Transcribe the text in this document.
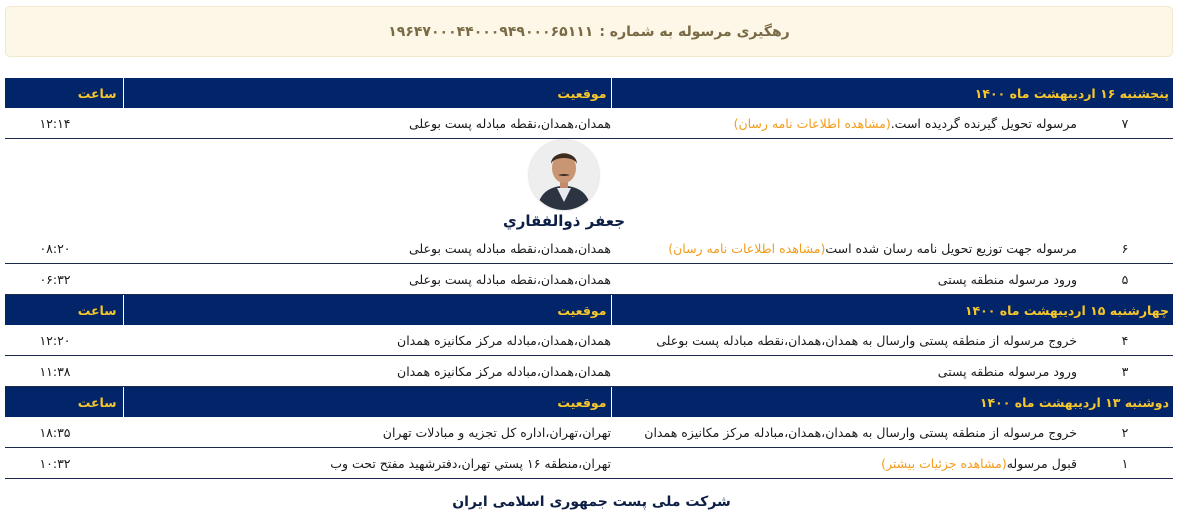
رهگیری مرسوله به شماره :
۱۹۶۴۷۰۰۰۴۴۰۰۰۹۴۹۰۰۰۶۵۱۱۱
پنجشنبه ۱۶ اردیبهشت ماه ۱۴۰۰		موقعیت	ساعت
۷	مرسوله تحویل گیرنده گردیده است.(مشاهده اطلاعات نامه رسان)	همدان،همدان،نقطه مبادله پست بوعلی	۱۲:۱۴

جعفر ذوالفقاري			

۶	مرسوله جهت توزیع تحویل نامه رسان شده است(مشاهده اطلاعات نامه رسان)	همدان،همدان،نقطه مبادله پست بوعلی	۰۸:۲۰
۵	ورود مرسوله منطقه پستی	همدان،همدان،نقطه مبادله پست بوعلی	۰۶:۳۲
چهارشنبه ۱۵ اردیبهشت ماه ۱۴۰۰		موقعیت	ساعت
۴	خروج مرسوله از منطقه پستی وارسال به همدان،همدان،نقطه مبادله پست بوعلی	همدان،همدان،مبادله مرکز مکانیزه همدان	۱۲:۲۰
۳	ورود مرسوله منطقه پستی	همدان،همدان،مبادله مرکز مکانیزه همدان	۱۱:۳۸
دوشنبه ۱۳ اردیبهشت ماه ۱۴۰۰		موقعیت	ساعت
۲	خروج مرسوله از منطقه پستی وارسال به همدان،همدان،مبادله مرکز مکانیزه همدان	تهران،تهران،اداره کل تجزیه و مبادلات تهران	۱۸:۳۵
۱	قبول مرسوله(مشاهده جزئیات بیشتر)	تهران،منطقه ۱۶ پستي تهران،دفترشهید مفتح تحت وب	۱۰:۳۲
شرکت ملی پست جمهوری اسلامی ایران
